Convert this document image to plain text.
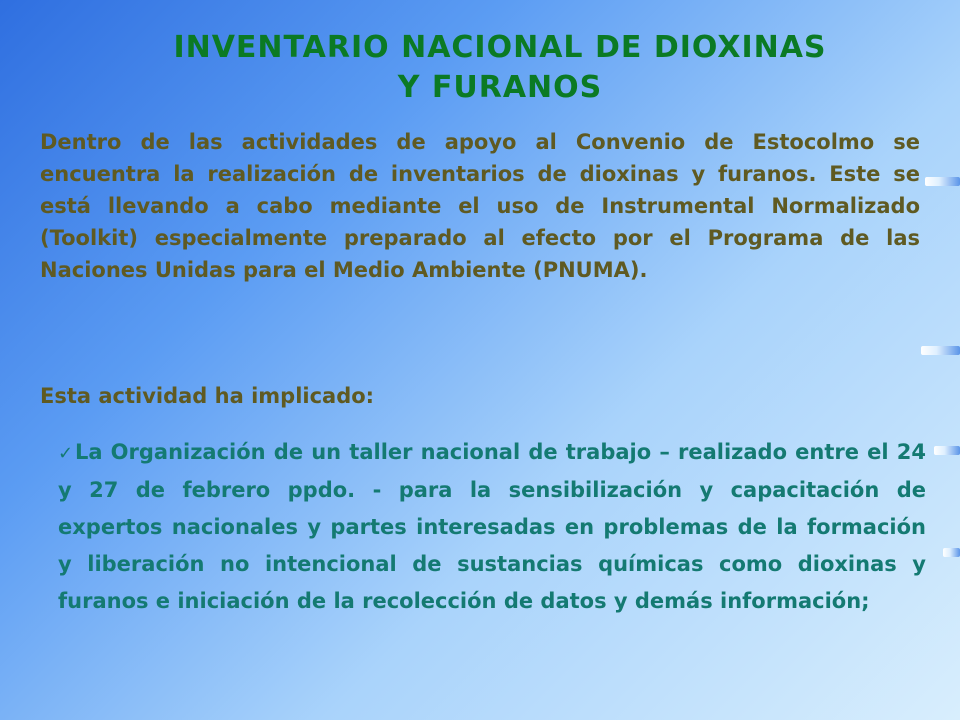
INVENTARIO NACIONAL DE DIOXINAS
Y FURANOS

Dentro de las actividades de apoyo al Convenio de Estocolmo se encuentra la realización de inventarios de dioxinas y furanos. Este se está llevando a cabo mediante el uso de Instrumental Normalizado (Toolkit) especialmente preparado al efecto por el Programa de las Naciones Unidas para el Medio Ambiente (PNUMA).

Esta actividad ha implicado:

✓La Organización de un taller nacional de trabajo – realizado entre el 24 y 27 de febrero ppdo. - para la sensibilización y capacitación de expertos nacionales y partes interesadas en problemas de la formación y liberación no intencional de sustancias químicas como dioxinas y furanos e iniciación de la recolección de datos y demás información;
